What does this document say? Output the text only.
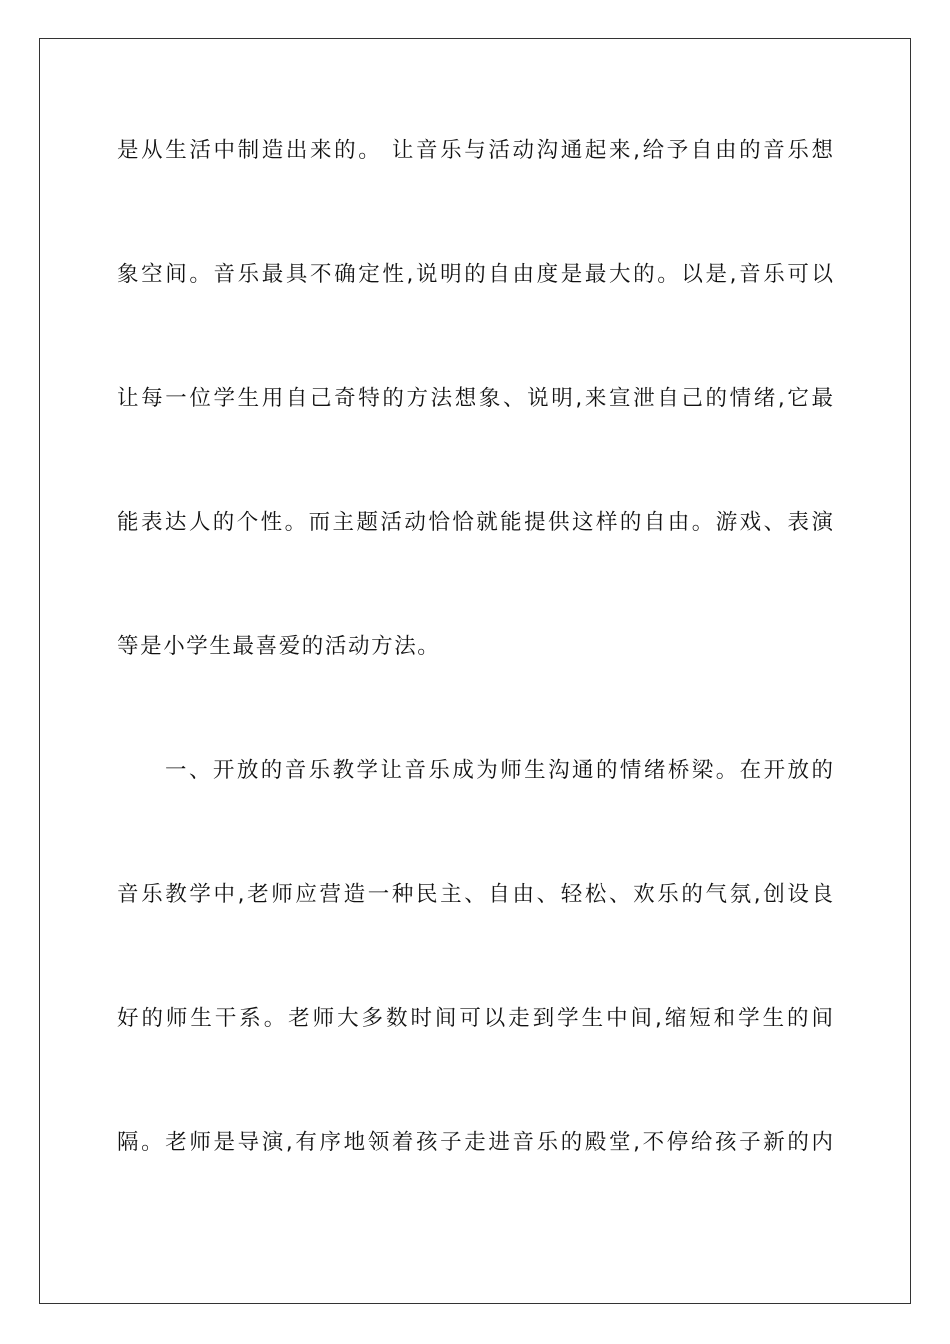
是从生活中制造出来的。 让音乐与活动沟通起来,给予自由的音乐想
象空间。音乐最具不确定性,说明的自由度是最大的。以是,音乐可以
让每一位学生用自己奇特的方法想象、说明,来宣泄自己的情绪,它最
能表达人的个性。而主题活动恰恰就能提供这样的自由。游戏、表演
等是小学生最喜爱的活动方法。
一、开放的音乐教学让音乐成为师生沟通的情绪桥梁。在开放的
音乐教学中,老师应营造一种民主、自由、轻松、欢乐的气氛,创设良
好的师生干系。老师大多数时间可以走到学生中间,缩短和学生的间
隔。老师是导演,有序地领着孩子走进音乐的殿堂,不停给孩子新的内
